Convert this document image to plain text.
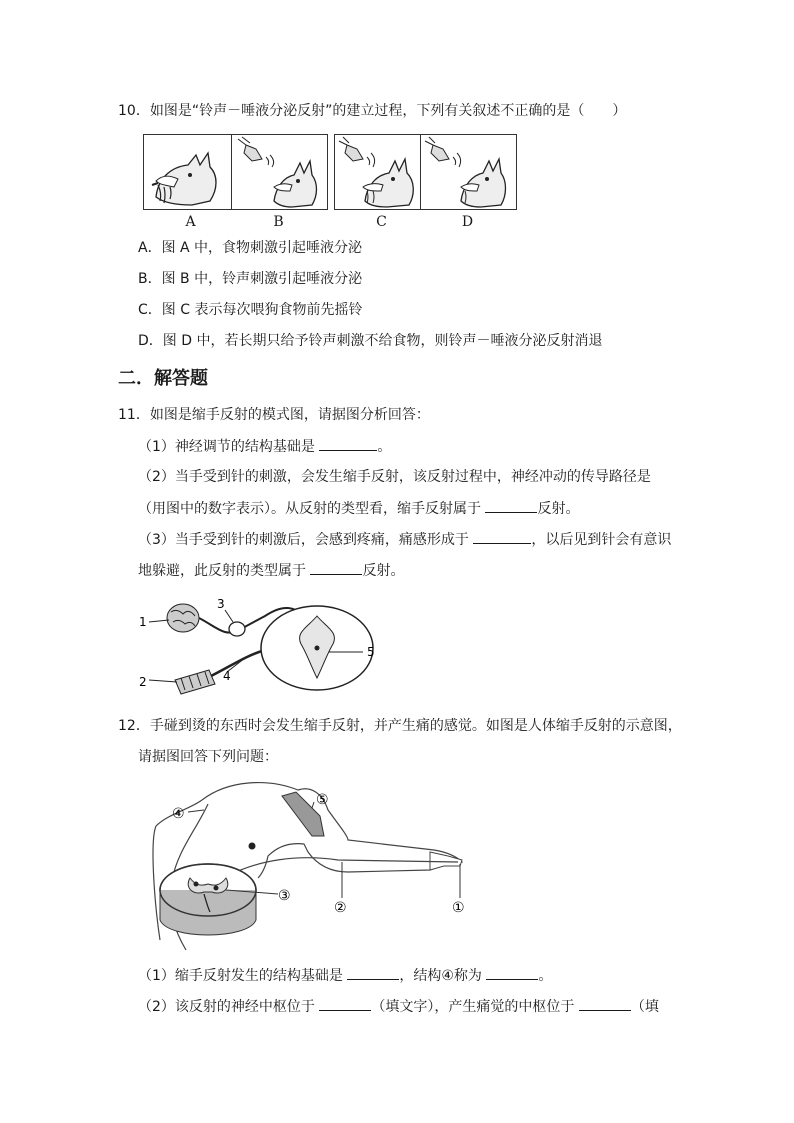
10．如图是“铃声－唾液分泌反射”的建立过程，下列有关叙述不正确的是（　　）
A	B	C	D
A．图 A 中，食物刺激引起唾液分泌
B．图 B 中，铃声刺激引起唾液分泌
C．图 C 表示每次喂狗食物前先摇铃
D．图 D 中，若长期只给予铃声刺激不给食物，则铃声－唾液分泌反射消退
二．解答题
11．如图是缩手反射的模式图，请据图分析回答：
（1）神经调节的结构基础是	。
（2）当手受到针的刺激，会发生缩手反射，该反射过程中，神经冲动的传导路径是
（用图中的数字表示）。从反射的类型看，缩手反射属于	反射。
（3）当手受到针的刺激后，会感到疼痛，痛感形成于	，以后见到针会有意识
地躲避，此反射的类型属于	反射。
1
2
3
4
5
12．手碰到烫的东西时会发生缩手反射，并产生痛的感觉。如图是人体缩手反射的示意图，
请据图回答下列问题：
④
⑤
③
②	①
（1）缩手反射发生的结构基础是	，结构④称为	。
（2）该反射的神经中枢位于	（填文字），产生痛觉的中枢位于	（填
